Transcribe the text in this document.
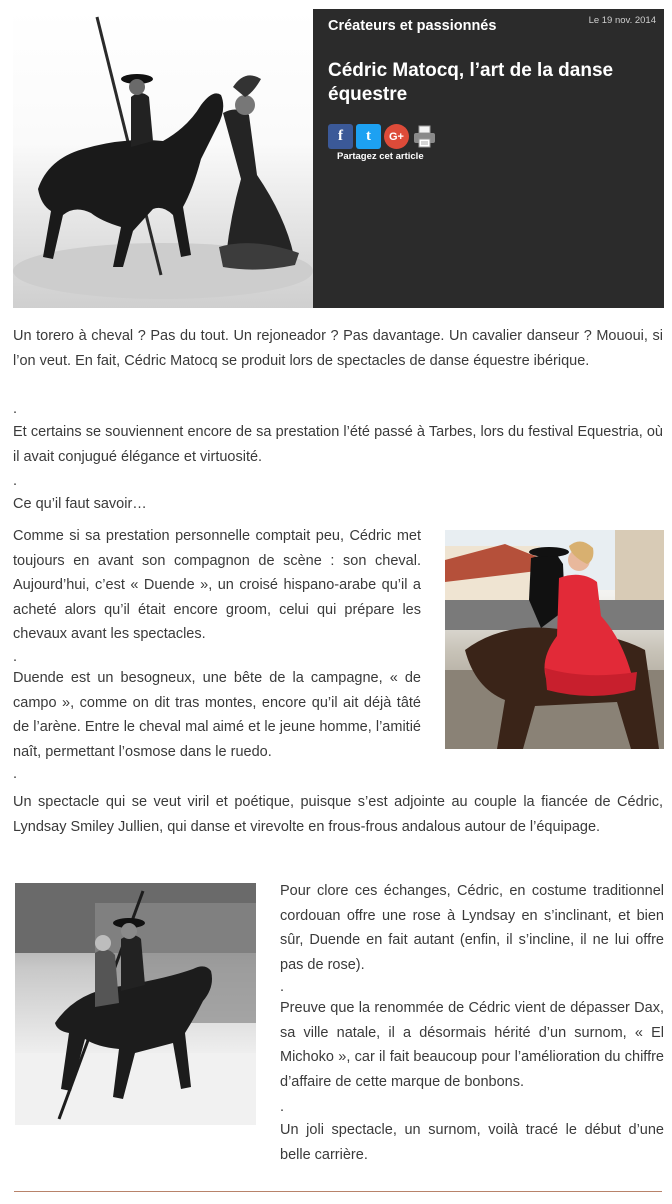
Créateurs et passionnés	Le 19 nov. 2014
Cédric Matocq, l’art de la danse équestre
f	t	G+
Partagez cet article

Un torero à cheval ? Pas du tout. Un rejoneador ? Pas davantage. Un cavalier danseur ? Mououi, si l’on veut. En fait, Cédric Matocq se produit lors de spectacles de danse équestre ibérique.

.

Et certains se souviennent encore de sa prestation l’été passé à Tarbes, lors du festival Equestria, où il avait conjugué élégance et virtuosité.

.

Ce qu’il faut savoir…

Comme si sa prestation personnelle comptait peu, Cédric met toujours en avant son compagnon de scène : son cheval. Aujourd’hui, c’est « Duende », un croisé hispano-arabe qu’il a acheté alors qu’il était encore groom, celui qui prépare les chevaux avant les spectacles.

.

Duende est un besogneux, une bête de la campagne, « de campo », comme on dit tras montes, encore qu’il ait déjà tâté de l’arène. Entre le cheval mal aimé et le jeune homme, l’amitié naît, permettant l’osmose dans le ruedo.

.

Un spectacle qui se veut viril et poétique, puisque s’est adjointe au couple la fiancée de Cédric, Lyndsay Smiley Jullien, qui danse et virevolte en frous-frous andalous autour de l’équipage.

Pour clore ces échanges, Cédric, en costume traditionnel cordouan offre une rose à Lyndsay en s’inclinant, et bien sûr, Duende en fait autant (enfin, il s’incline, il ne lui offre pas de rose).

.

Preuve que la renommée de Cédric vient de dépasser Dax, sa ville natale, il a désormais hérité d’un surnom, « El Michoko », car il fait beaucoup pour l’amélioration du chiffre d’affaire de cette marque de bonbons.

.

Un joli spectacle, un surnom, voilà tracé le début d’une belle carrière.
